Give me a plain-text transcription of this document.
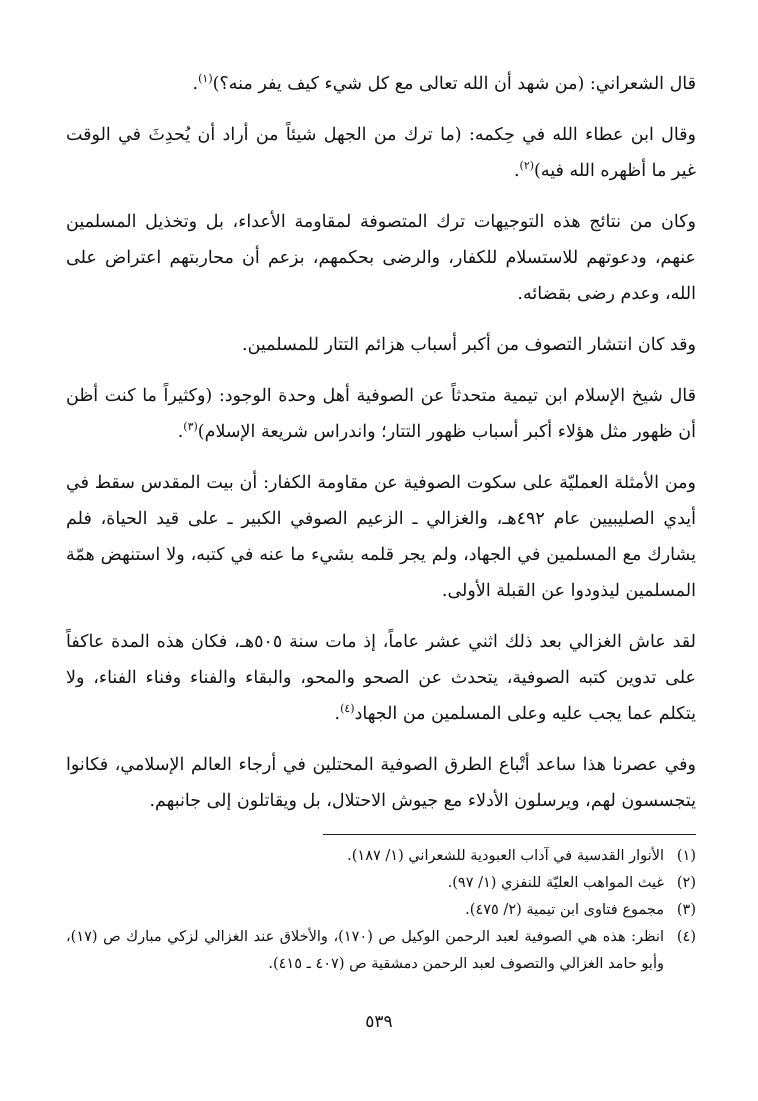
قال الشعراني: (من شهد أن الله تعالى مع كل شيء كيف يفر منه؟)$^{(١)}$.

وقال ابن عطاء الله في حِكمه: (ما ترك من الجهل شيئاً من أراد أن يُحدِثَ في الوقت غير ما أظهره الله فيه)$^{(٢)}$.

وكان من نتائج هذه التوجيهات ترك المتصوفة لمقاومة الأعداء، بل وتخذيل المسلمين عنهم، ودعوتهم للاستسلام للكفار، والرضى بحكمهم، بزعم أن محاربتهم اعتراض على الله، وعدم رضى بقضائه.

وقد كان انتشار التصوف من أكبر أسباب هزائم التتار للمسلمين.

قال شيخ الإسلام ابن تيمية متحدثاً عن الصوفية أهل وحدة الوجود: (وكثيراً ما كنت أظن أن ظهور مثل هؤلاء أكبر أسباب ظهور التتار؛ واندراس شريعة الإسلام)$^{(٣)}$.

ومن الأمثلة العمليّة على سكوت الصوفية عن مقاومة الكفار: أن بيت المقدس سقط في أيدي الصليبيين عام ٤٩٢هـ، والغزالي ـ الزعيم الصوفي الكبير ـ على قيد الحياة، فلم يشارك مع المسلمين في الجهاد، ولم يجر قلمه بشيء ما عنه في كتبه، ولا استنهض همّة المسلمين ليذودوا عن القبلة الأولى.

لقد عاش الغزالي بعد ذلك اثني عشر عاماً، إذ مات سنة ٥٠٥هـ، فكان هذه المدة عاكفاً على تدوين كتبه الصوفية، يتحدث عن الصحو والمحو، والبقاء والفناء وفناء الفناء، ولا يتكلم عما يجب عليه وعلى المسلمين من الجهاد$^{(٤)}$.

وفي عصرنا هذا ساعد أتْباع الطرق الصوفية المحتلين في أرجاء العالم الإسلامي، فكانوا يتجسسون لهم، ويرسلون الأدلاء مع جيوش الاحتلال، بل ويقاتلون إلى جانبهم.

(١)
الأنوار القدسية في آداب العبودية للشعراني (١/ ١٨٧).
(٢)
غيث المواهب العليّة للنفزي (١/ ٩٧).
(٣)
مجموع فتاوى ابن تيمية (٢/ ٤٧٥).
(٤)
انظر: هذه هي الصوفية لعبد الرحمن الوكيل ص (١٧٠)، والأخلاق عند الغزالي لزكي مبارك ص (١٧)، وأبو حامد الغزالي والتصوف لعبد الرحمن دمشقية ص (٤٠٧ ـ ٤١٥).
٥٣٩
